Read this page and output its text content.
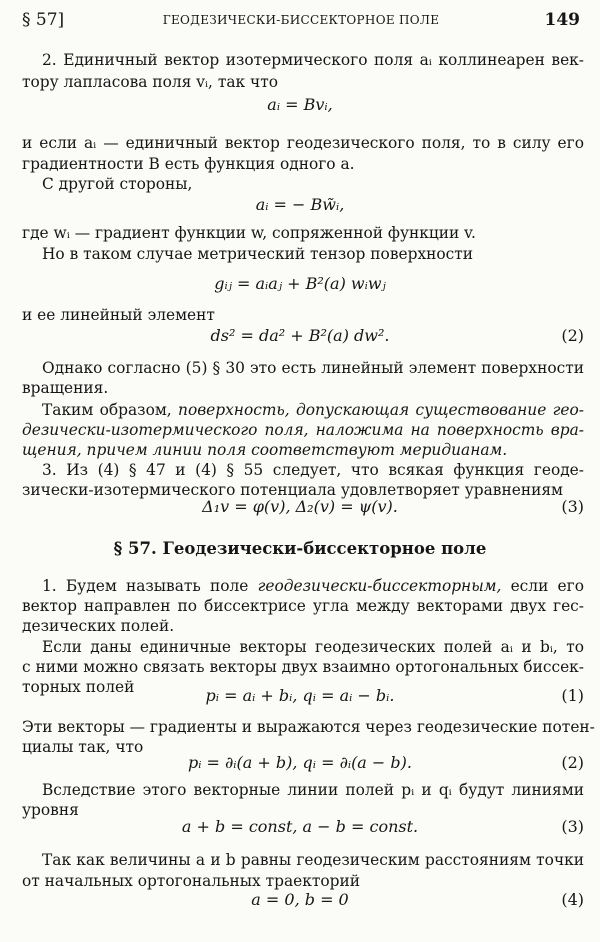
§ 57]	ГЕОДЕЗИЧЕСКИ-БИССЕКТОРНОЕ ПОЛЕ	149
2. Единичный вектор изотермического поля aᵢ коллинеарен век-
тору лапласова поля vᵢ, так что
aᵢ = Bvᵢ,
и если aᵢ — единичный вектор геодезического поля, то в силу его
градиентности B есть функция одного a.
С другой стороны,
aᵢ = − Bw̃ᵢ,
где wᵢ — градиент функции w, сопряженной функции v.
Но в таком случае метрический тензор поверхности
gᵢⱼ = aᵢaⱼ + B²(a) wᵢwⱼ
и ее линейный элемент
ds² = da² + B²(a) dw².	(2)
Однако согласно (5) § 30 это есть линейный элемент поверхности
вращения.
Таким образом, поверхность, допускающая существование гео-
дезически-изотермического поля, наложима на поверхность вра-
щения, причем линии поля соответствуют меридианам.
3. Из (4) § 47 и (4) § 55 следует, что всякая функция геоде-
зически-изотермического потенциала удовлетворяет уравнениям
Δ₁v = φ(v), Δ₂(v) = ψ(v).	(3)
§ 57. Геодезически-биссекторное поле
1. Будем называть поле геодезически-биссекторным, если его
вектор направлен по биссектрисе угла между векторами двух гес-
дезических полей.
Если даны единичные векторы геодезических полей aᵢ и bᵢ, то
с ними можно связать векторы двух взаимно ортогональных биссек-
торных полей	pᵢ = aᵢ + bᵢ, qᵢ = aᵢ − bᵢ.	(1)
Эти векторы — градиенты и выражаются через геодезические потен-
циалы так, что
pᵢ = ∂ᵢ(a + b), qᵢ = ∂ᵢ(a − b).	(2)
Вследствие этого векторные линии полей pᵢ и qᵢ будут линиями
уровня
a + b = const, a − b = const.	(3)
Так как величины a и b равны геодезическим расстояниям точки
от начальных ортогональных траекторий
a = 0, b = 0	(4)
